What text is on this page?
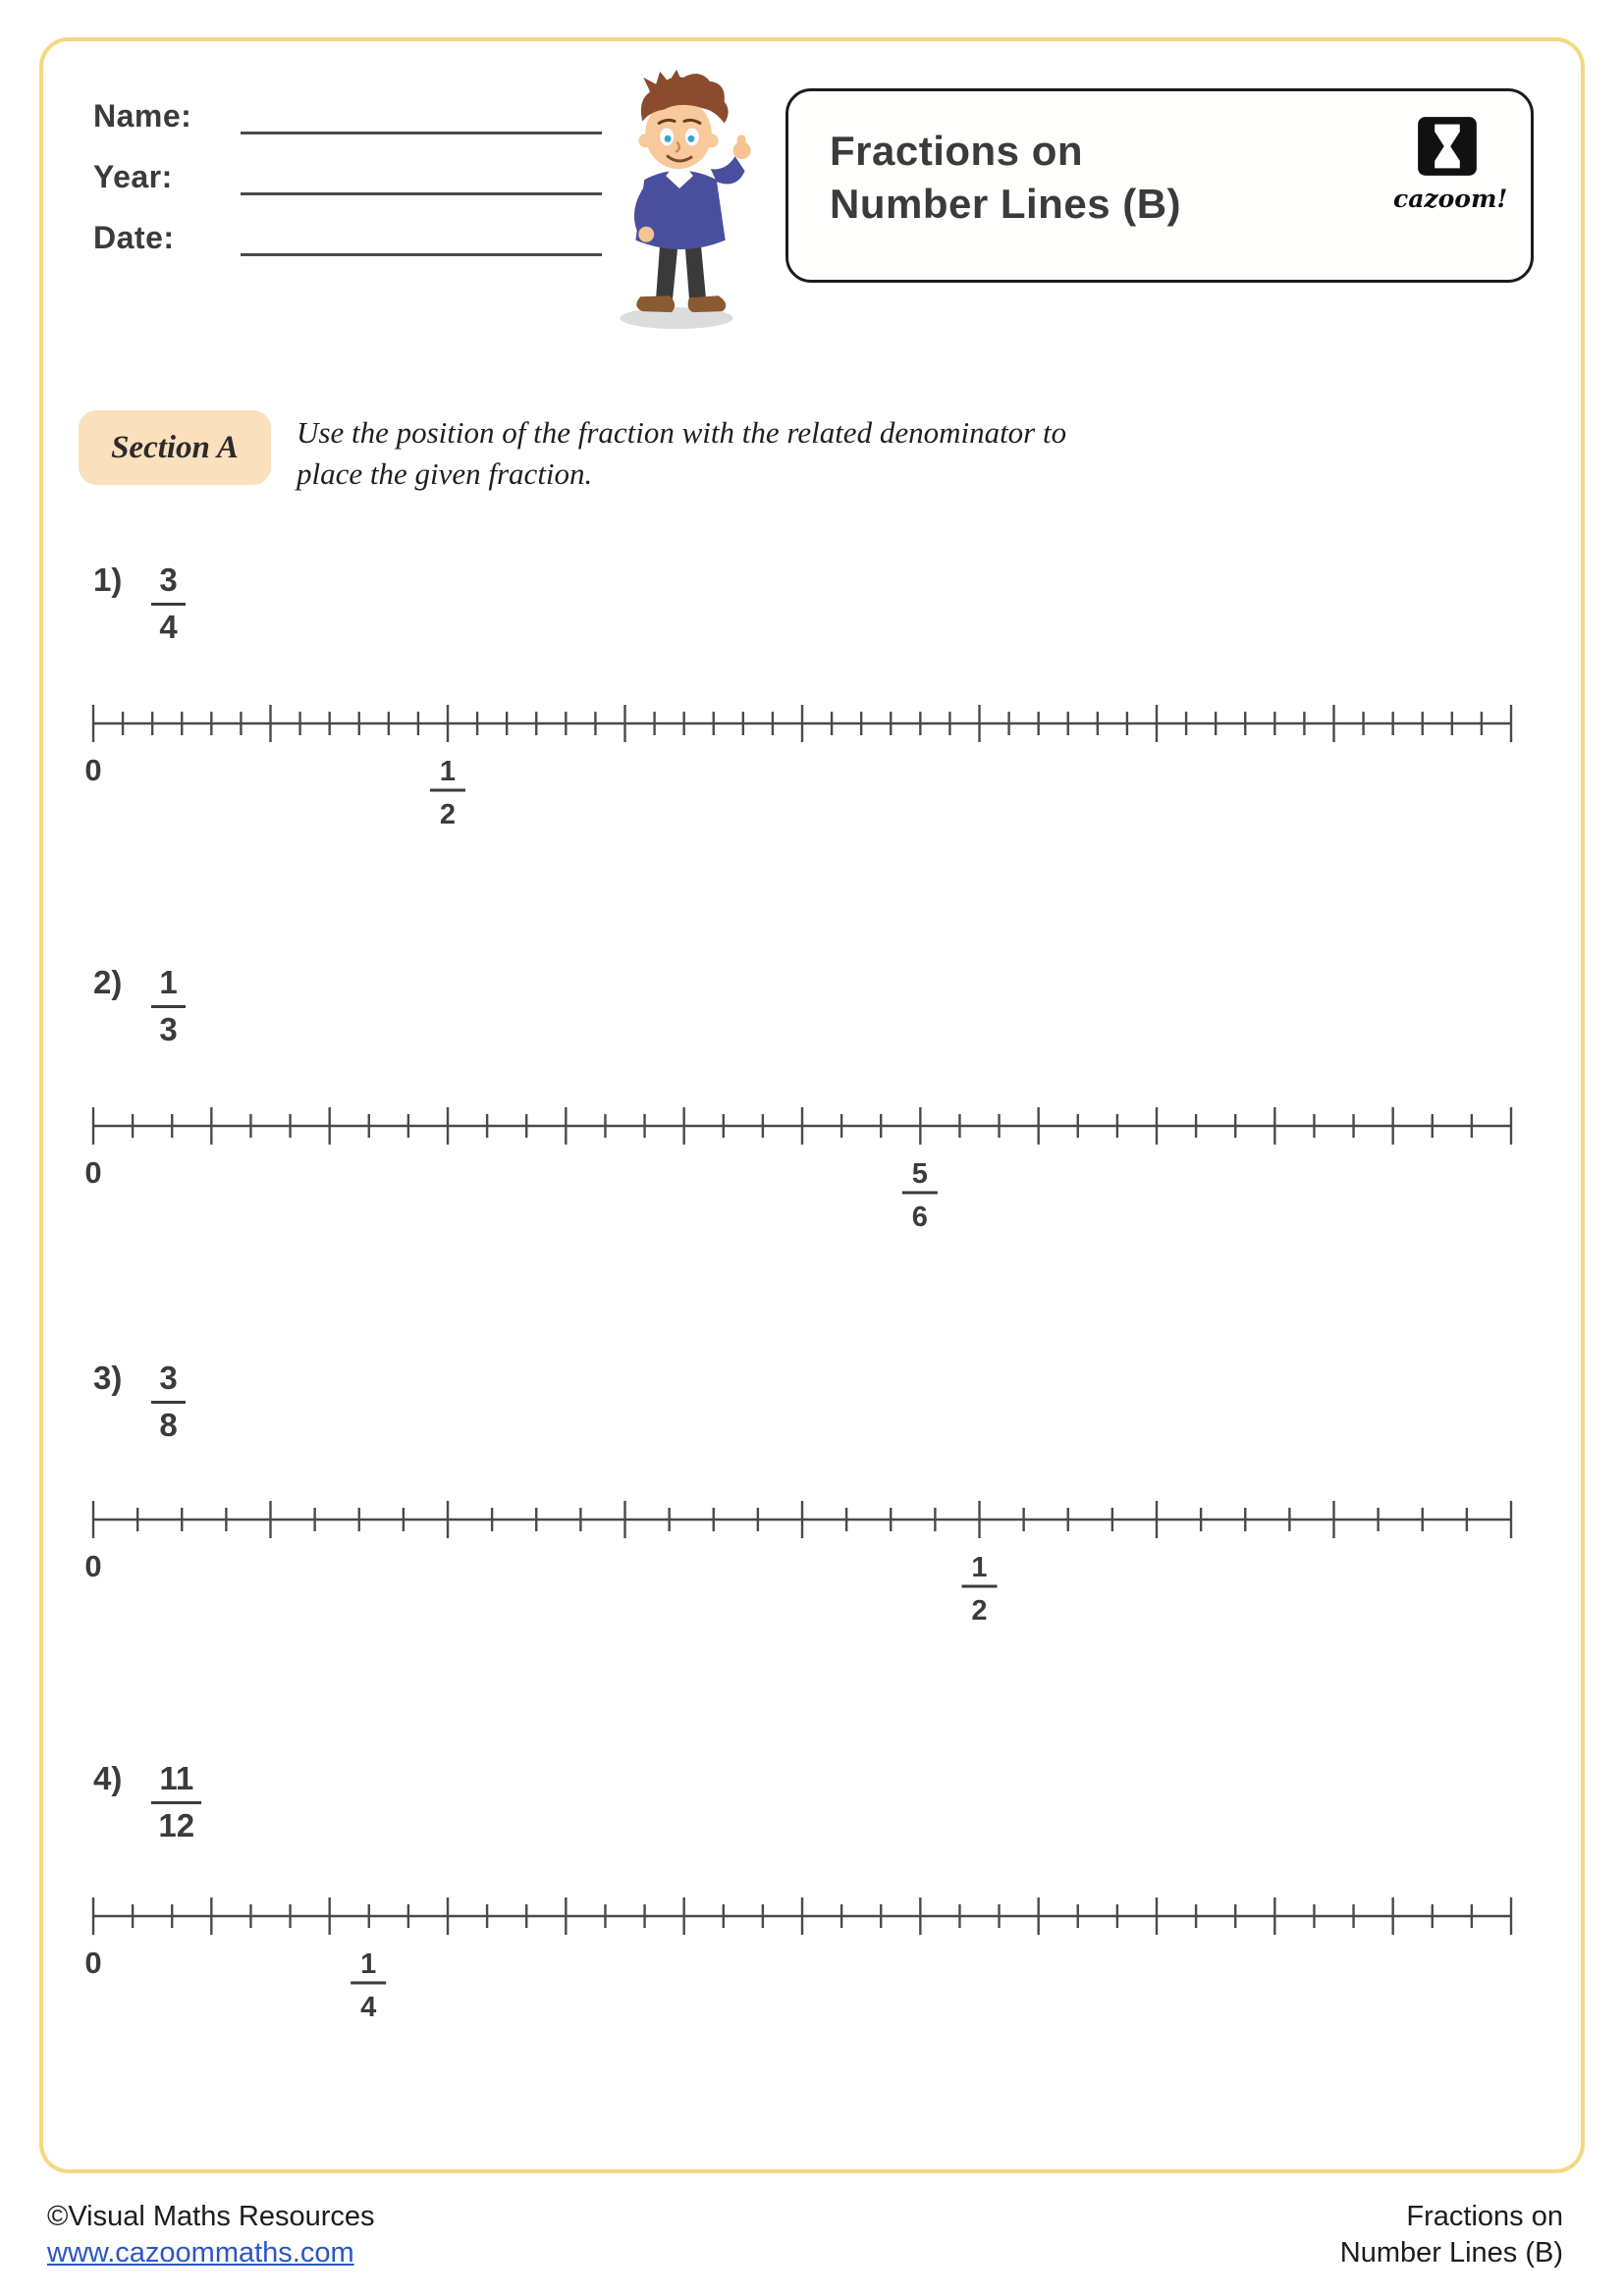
Name:
Year:
Date:
Fractions on
Number Lines (B)	cazoom!
Section A Use the position of the fraction with the related denominator to
place the given fraction.
$1) \frac{3}{4}$
0	1
2
$2) \frac{1}{3}$
0	5
6
$3) \frac{3}{8}$
0	1
2
$4) \frac{11}{12}$
0	1
4
©Visual Maths Resources
www.cazoommaths.com
Fractions on
Number Lines (B)
